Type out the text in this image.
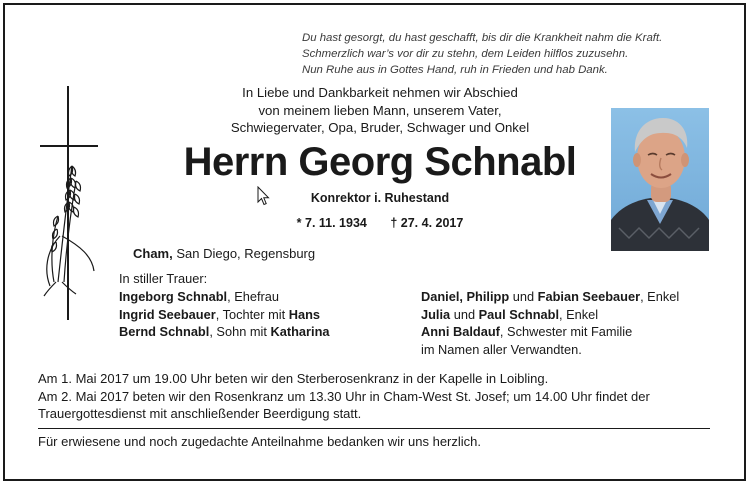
Du hast gesorgt, du hast geschafft, bis dir die Krankheit nahm die Kraft.
Schmerzlich war’s vor dir zu stehn, dem Leiden hilflos zuzusehn.
Nun Ruhe aus in Gottes Hand, ruh in Frieden und hab Dank.
In Liebe und Dankbarkeit nehmen wir Abschied
von meinem lieben Mann, unserem Vater,
Schwiegervater, Opa, Bruder, Schwager und Onkel
Herrn Georg Schnabl
Konrektor i. Ruhestand
* 7. 11. 1934 † 27. 4. 2017
Cham, San Diego, Regensburg
In stiller Trauer:
Ingeborg Schnabl, Ehefrau
Ingrid Seebauer, Tochter mit Hans
Bernd Schnabl, Sohn mit Katharina
Daniel, Philipp und Fabian Seebauer, Enkel
Julia und Paul Schnabl, Enkel
Anni Baldauf, Schwester mit Familie
im Namen aller Verwandten.
Am 1. Mai 2017 um 19.00 Uhr beten wir den Sterberosenkranz in der Kapelle in Loibling.
Am 2. Mai 2017 beten wir den Rosenkranz um 13.30 Uhr in Cham-West St. Josef; um 14.00 Uhr findet der
Trauergottesdienst mit anschließender Beerdigung statt.
Für erwiesene und noch zugedachte Anteilnahme bedanken wir uns herzlich.
